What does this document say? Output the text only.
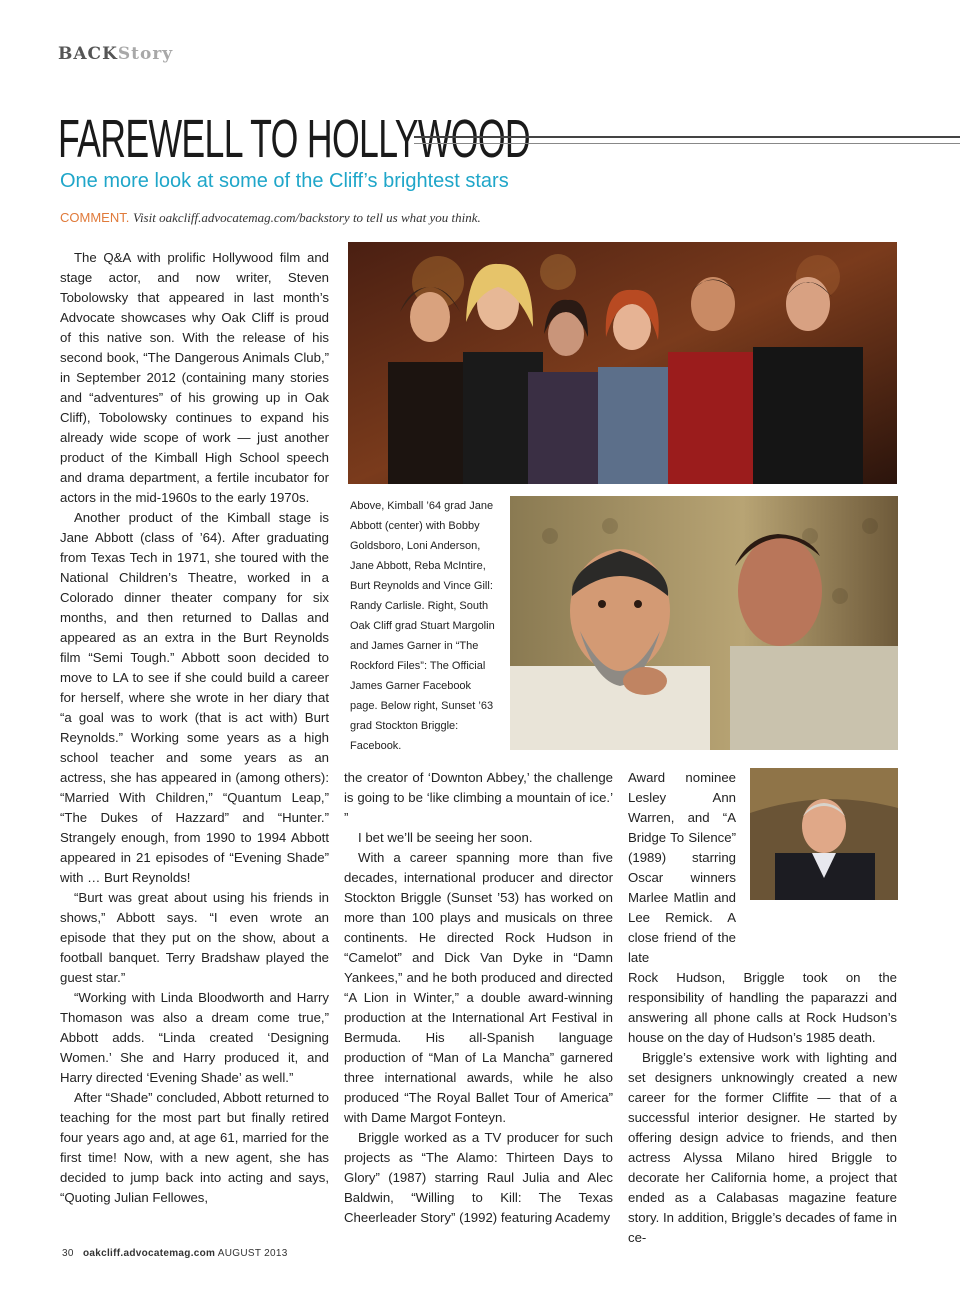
BACKStory
FAREWELL TO HOLLYWOOD
One more look at some of the Cliff’s brightest stars
COMMENT. Visit oakcliff.advocatemag.com/backstory to tell us what you think.

The Q&A with prolific Hollywood film and stage actor, and now writer, Steven Tobolowsky that appeared in last month’s Advocate showcases why Oak Cliff is proud of this native son. With the release of his second book, “The Dangerous Animals Club,” in September 2012 (containing many stories and “adventures” of his growing up in Oak Cliff), Tobolowsky continues to expand his already wide scope of work — just another product of the Kimball High School speech and drama department, a fertile incubator for actors in the mid-1960s to the early 1970s.

Another product of the Kimball stage is Jane Abbott (class of ’64). After graduating from Texas Tech in 1971, she toured with the National Children’s Theatre, worked in a Colorado dinner theater company for six months, and then returned to Dallas and appeared as an extra in the Burt Reynolds film “Semi Tough.” Abbott soon decided to move to LA to see if she could build a career for herself, where she wrote in her diary that “a goal was to work (that is act with) Burt Reynolds.” Working some years as a high school teacher and some years as an actress, she has appeared in (among others): “Married With Children,” “Quantum Leap,” “The Dukes of Hazzard” and “Hunter.” Strangely enough, from 1990 to 1994 Abbott appeared in 21 episodes of “Evening Shade” with … Burt Reynolds!

“Burt was great about using his friends in shows,” Abbott says. “I even wrote an episode that they put on the show, about a football banquet. Terry Bradshaw played the guest star.”

“Working with Linda Bloodworth and Harry Thomason was also a dream come true,” Abbott adds. “Linda created ‘Designing Women.’ She and Harry produced it, and Harry directed ‘Evening Shade’ as well.”

After “Shade” concluded, Abbott returned to teaching for the most part but finally retired four years ago and, at age 61, married for the first time! Now, with a new agent, she has decided to jump back into acting and says, “Quoting Julian Fellowes,

Above, Kimball ’64 grad Jane Abbott (center) with Bobby Goldsboro, Loni Anderson, Jane Abbott, Reba McIntire, Burt Reynolds and Vince Gill: Randy Carlisle. Right, South Oak Cliff grad Stuart Margolin and James Garner in “The Rockford Files”: The Official James Garner Facebook page. Below right, Sunset ’63 grad Stockton Briggle: Facebook.

the creator of ‘Downton Abbey,’ the challenge is going to be ‘like climbing a mountain of ice.’ ”

I bet we’ll be seeing her soon.

With a career spanning more than five decades, international producer and director Stockton Briggle (Sunset ’53) has worked on more than 100 plays and musicals on three continents. He directed Rock Hudson in “Camelot” and Dick Van Dyke in “Damn Yankees,” and he both produced and directed “A Lion in Winter,” a double award-winning production at the International Art Festival in Bermuda. His all-Spanish language production of “Man of La Mancha” garnered three international awards, while he also produced “The Royal Ballet Tour of America” with Dame Margot Fonteyn.

Briggle worked as a TV producer for such projects as “The Alamo: Thirteen Days to Glory” (1987) starring Raul Julia and Alec Baldwin, “Willing to Kill: The Texas Cheerleader Story” (1992) featuring Academy

Award nominee Lesley Ann Warren, and “A Bridge To Silence” (1989) starring Oscar winners Marlee Matlin and Lee Remick. A close friend of the late

Rock Hudson, Briggle took on the responsibility of handling the paparazzi and answering all phone calls at Rock Hudson’s house on the day of Hudson’s 1985 death.

Briggle’s extensive work with lighting and set designers unknowingly created a new career for the former Cliffite — that of a successful interior designer. He started by offering design advice to friends, and then actress Alyssa Milano hired Briggle to decorate her California home, a project that ended as a Calabasas magazine feature story. In addition, Briggle’s decades of fame in ce-

30 oakcliff.advocatemag.com AUGUST 2013
